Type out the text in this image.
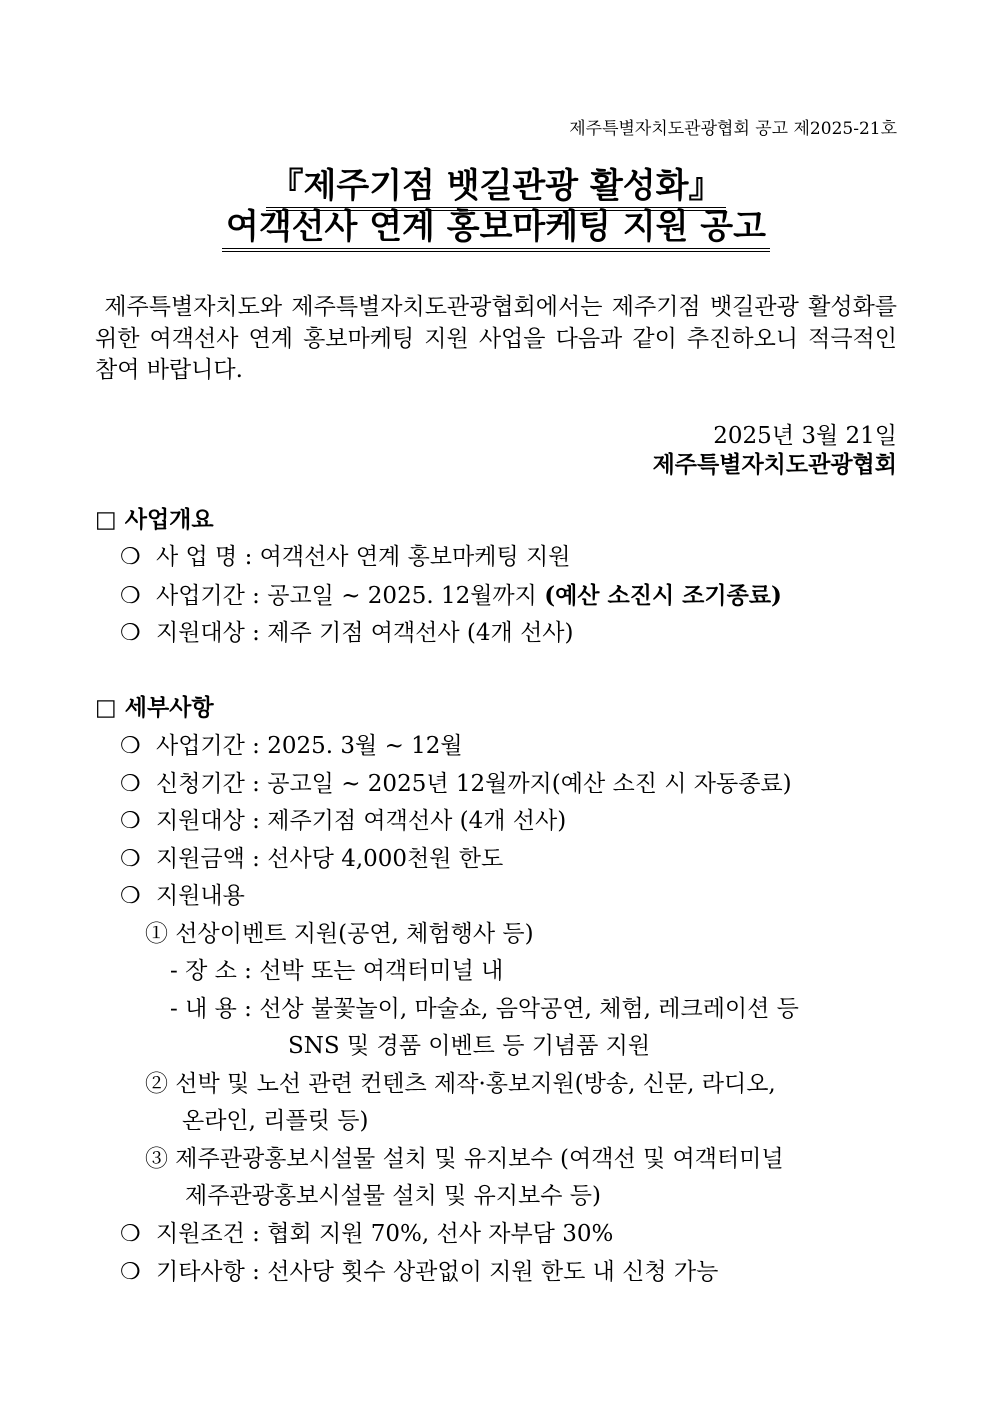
제주특별자치도관광협회 공고 제2025-21호
『제주기점 뱃길관광 활성화』
여객선사 연계 홍보마케팅 지원 공고
제주특별자치도와 제주특별자치도관광협회에서는 제주기점 뱃길관광 활성화를 위한 여객선사 연계 홍보마케팅 지원 사업을 다음과 같이 추진하오니 적극적인 참여 바랍니다.
2025년 3월 21일
제주특별자치도관광협회
□ 사업개요
❍ 사 업 명 : 여객선사 연계 홍보마케팅 지원
❍ 사업기간 : 공고일 ~ 2025. 12월까지 (예산 소진시 조기종료)
❍ 지원대상 : 제주 기점 여객선사 (4개 선사)
□ 세부사항
❍ 사업기간 : 2025. 3월 ~ 12월
❍ 신청기간 : 공고일 ~ 2025년 12월까지(예산 소진 시 자동종료)
❍ 지원대상 : 제주기점 여객선사 (4개 선사)
❍ 지원금액 : 선사당 4,000천원 한도
❍ 지원내용
① 선상이벤트 지원(공연, 체험행사 등)
- 장 소 : 선박 또는 여객터미널 내
- 내 용 : 선상 불꽃놀이, 마술쇼, 음악공연, 체험, 레크레이션 등
SNS 및 경품 이벤트 등 기념품 지원
② 선박 및 노선 관련 컨텐츠 제작·홍보지원(방송, 신문, 라디오,
온라인, 리플릿 등)
③ 제주관광홍보시설물 설치 및 유지보수 (여객선 및 여객터미널
제주관광홍보시설물 설치 및 유지보수 등)
❍ 지원조건 : 협회 지원 70%, 선사 자부담 30%
❍ 기타사항 : 선사당 횟수 상관없이 지원 한도 내 신청 가능
